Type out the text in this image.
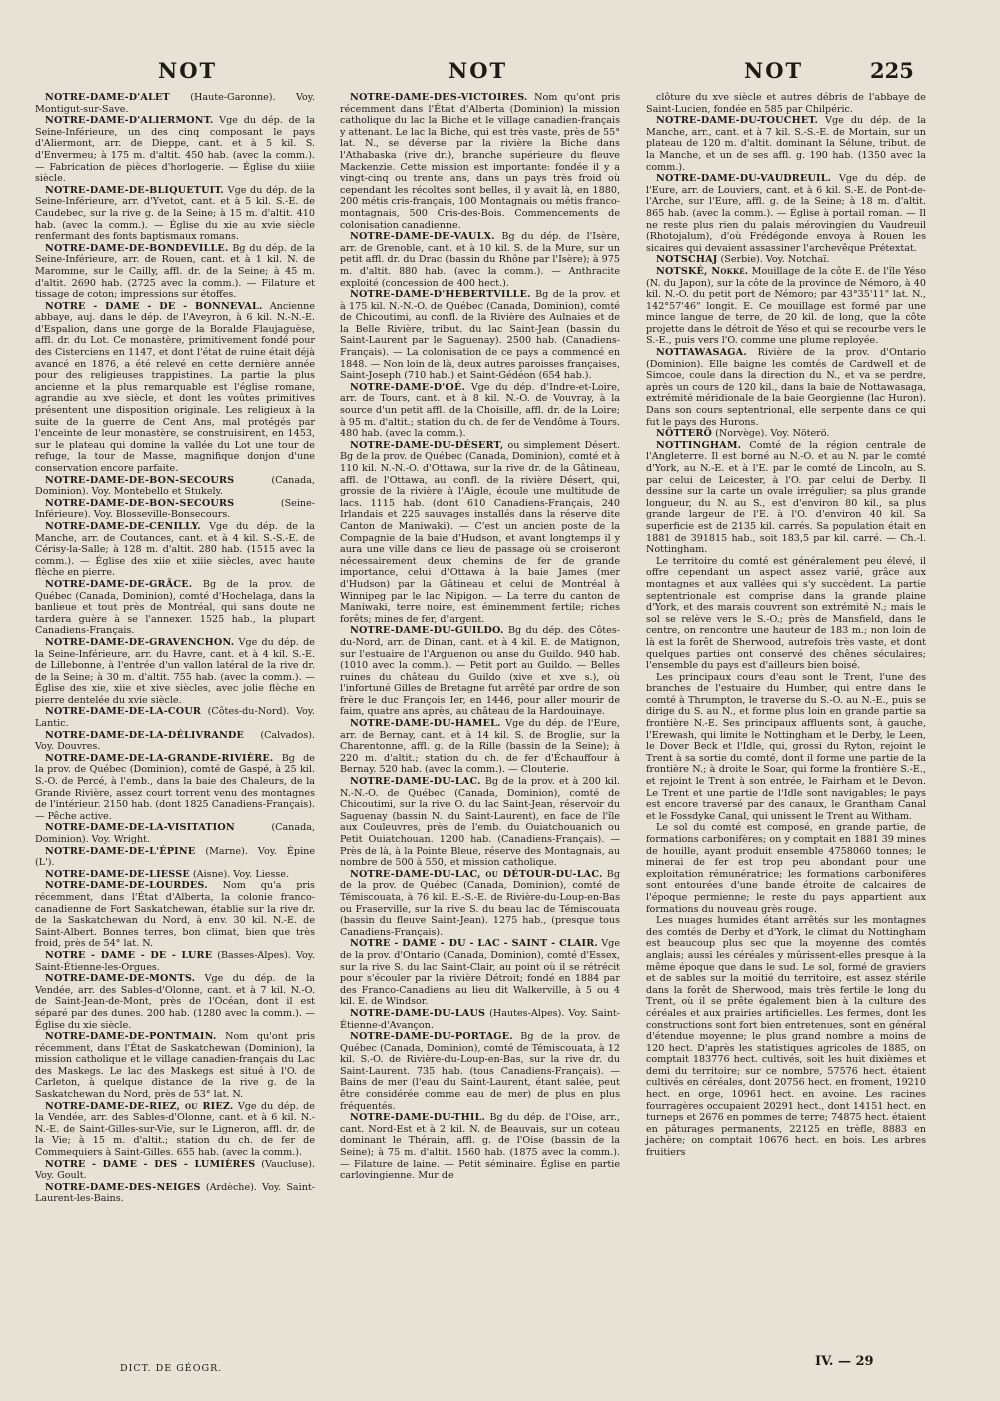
NOT	NOT	NOT	225

NOTRE-DAME-D'ALET (Haute-Garonne). Voy. Montigut-sur-Save.

NOTRE-DAME-D'ALIERMONT. Vge du dép. de la Seine-Inférieure, un des cinq composant le pays d'Aliermont, arr. de Dieppe, cant. et à 5 kil. S. d'Envermeu; à 175 m. d'altit. 450 hab. (avec la comm.). — Fabrication de pièces d'horlogerie. — Église du xiiie siècle.

NOTRE-DAME-DE-BLIQUETUIT. Vge du dép. de la Seine-Inférieure, arr. d'Yvetot, cant. et à 5 kil. S.-E. de Caudebec, sur la rive g. de la Seine; à 15 m. d'altit. 410 hab. (avec la comm.). — Église du xie au xvie siècle renfermant des fonts baptismaux romans.

NOTRE-DAME-DE-BONDEVILLE. Bg du dép. de la Seine-Inférieure, arr. de Rouen, cant. et à 1 kil. N. de Maromme, sur le Cailly, affl. dr. de la Seine; à 45 m. d'altit. 2690 hab. (2725 avec la comm.). — Filature et tissage de coton; impressions sur étoffes.

NOTRE - DAME - DE - BONNEVAL. Ancienne abbaye, auj. dans le dép. de l'Aveyron, à 6 kil. N.-N.-E. d'Espalion, dans une gorge de la Boralde Flaujaguèse, affl. dr. du Lot. Ce monastère, primitivement fondé pour des Cisterciens en 1147, et dont l'état de ruine était déjà avancé en 1876, a été relevé en cette dernière année pour des religieuses trappistines. La partie la plus ancienne et la plus remarquable est l'église romane, agrandie au xve siècle, et dont les voûtes primitives présentent une disposition originale. Les religieux à la suite de la guerre de Cent Ans, mal protégés par l'enceinte de leur monastère, se construisirent, en 1453, sur le plateau qui domine la vallée du Lot une tour de refuge, la tour de Masse, magnifique donjon d'une conservation encore parfaite.

NOTRE-DAME-DE-BON-SECOURS (Canada, Dominion). Voy. Montebello et Stukely.

NOTRE-DAME-DE-BON-SECOURS (Seine-Inférieure). Voy. Blosseville-Bonsecours.

NOTRE-DAME-DE-CENILLY. Vge du dép. de la Manche, arr. de Coutances, cant. et à 4 kil. S.-S.-E. de Cérisy-la-Salle; à 128 m. d'altit. 280 hab. (1515 avec la comm.). — Église des xiie et xiiie siècles, avec haute flèche en pierre.

NOTRE-DAME-DE-GRÂCE. Bg de la prov. de Québec (Canada, Dominion), comté d'Hochelaga, dans la banlieue et tout près de Montréal, qui sans doute ne tardera guère à se l'annexer. 1525 hab., la plupart Canadiens-Français.

NOTRE-DAME-DE-GRAVENCHON. Vge du dép. de la Seine-Inférieure, arr. du Havre, cant. et à 4 kil. S.-E. de Lillebonne, à l'entrée d'un vallon latéral de la rive dr. de la Seine; à 30 m. d'altit. 755 hab. (avec la comm.). — Église des xie, xiie et xive siècles, avec jolie flèche en pierre dentelée du xvie siècle.

NOTRE-DAME-DE-LA-COUR (Côtes-du-Nord). Voy. Lantic.

NOTRE-DAME-DE-LA-DÉLIVRANDE (Calvados). Voy. Douvres.

NOTRE-DAME-DE-LA-GRANDE-RIVIÈRE. Bg de la prov. de Québec (Dominion), comté de Gaspé, à 25 kil. S.-O. de Percé, à l'emb., dans la baie des Chaleurs, de la Grande Rivière, assez court torrent venu des montagnes de l'intérieur. 2150 hab. (dont 1825 Canadiens-Français). — Pêche active.

NOTRE-DAME-DE-LA-VISITATION (Canada, Dominion). Voy. Wright.

NOTRE-DAME-DE-L'ÉPINE (Marne). Voy. Épine (L').

NOTRE-DAME-DE-LIESSE (Aisne). Voy. Liesse.

NOTRE-DAME-DE-LOURDES. Nom qu'a pris récemment, dans l'État d'Alberta, la colonie franco-canadienne de Fort Saskatchewan, établie sur la rive dr. de la Saskatchewan du Nord, à env. 30 kil. N.-E. de Saint-Albert. Bonnes terres, bon climat, bien que très froid, près de 54° lat. N.

NOTRE - DAME - DE - LURE (Basses-Alpes). Voy. Saint-Étienne-les-Orgues.

NOTRE-DAME-DE-MONTS. Vge du dép. de la Vendée, arr. des Sables-d'Olonne, cant. et à 7 kil. N.-O. de Saint-Jean-de-Mont, près de l'Océan, dont il est séparé par des dunes. 200 hab. (1280 avec la comm.). — Église du xie siècle.

NOTRE-DAME-DE-PONTMAIN. Nom qu'ont pris récemment, dans l'État de Saskatchewan (Dominion), la mission catholique et le village canadien-français du Lac des Maskegs. Le lac des Maskegs est situé à l'O. de Carleton, à quelque distance de la rive g. de la Saskatchewan du Nord, près de 53° lat. N.

NOTRE-DAME-DE-RIEZ, ou RIEZ. Vge du dép. de la Vendée, arr. des Sables-d'Olonne, cant. et à 6 kil. N.-N.-E. de Saint-Gilles-sur-Vie, sur le Ligneron, affl. dr. de la Vie; à 15 m. d'altit.; station du ch. de fer de Commequiers à Saint-Gilles. 655 hab. (avec la comm.).

NOTRE - DAME - DES - LUMIÈRES (Vaucluse). Voy. Goult.

NOTRE-DAME-DES-NEIGES (Ardèche). Voy. Saint-Laurent-les-Bains.

NOTRE-DAME-DES-VICTOIRES. Nom qu'ont pris récemment dans l'État d'Alberta (Dominion) la mission catholique du lac la Biche et le village canadien-français y attenant. Le lac la Biche, qui est très vaste, près de 55° lat. N., se déverse par la rivière la Biche dans l'Athabaska (rive dr.), branche supérieure du fleuve Mackenzie. Cette mission est importante: fondée il y a vingt-cinq ou trente ans, dans un pays très froid où cependant les récoltes sont belles, il y avait là, en 1880, 200 métis cris-français, 100 Montagnais ou métis franco-montagnais, 500 Cris-des-Bois. Commencements de colonisation canadienne.

NOTRE-DAME-DE-VAULX. Bg du dép. de l'Isère, arr. de Grenoble, cant. et à 10 kil. S. de la Mure, sur un petit affl. dr. du Drac (bassin du Rhône par l'Isère); à 975 m. d'altit. 880 hab. (avec la comm.). — Anthracite exploité (concession de 400 hect.).

NOTRE-DAME-D'HEBERTVILLE. Bg de la prov. et à 175 kil. N.-N.-O. de Québec (Canada, Dominion), comté de Chicoutimi, au confl. de la Rivière des Aulnaies et de la Belle Rivière, tribut. du lac Saint-Jean (bassin du Saint-Laurent par le Saguenay). 2500 hab. (Canadiens-Français). — La colonisation de ce pays a commencé en 1848. — Non loin de là, deux autres paroisses françaises, Saint-Joseph (710 hab.) et Saint-Gédéon (654 hab.).

NOTRE-DAME-D'OÉ. Vge du dép. d'Indre-et-Loire, arr. de Tours, cant. et à 8 kil. N.-O. de Vouvray, à la source d'un petit affl. de la Choisille, affl. dr. de la Loire; à 95 m. d'altit.; station du ch. de fer de Vendôme à Tours. 480 hab. (avec la comm.).

NOTRE-DAME-DU-DÉSERT, ou simplement Désert. Bg de la prov. de Québec (Canada, Dominion), comté et à 110 kil. N.-N.-O. d'Ottawa, sur la rive dr. de la Gâtineau, affl. de l'Ottawa, au confl. de la rivière Désert, qui, grossie de la rivière à l'Aigle, écoule une multitude de lacs. 1115 hab. (dont 610 Canadiens-Français, 240 Irlandais et 225 sauvages installés dans la réserve dite Canton de Maniwaki). — C'est un ancien poste de la Compagnie de la baie d'Hudson, et avant longtemps il y aura une ville dans ce lieu de passage où se croiseront nécessairement deux chemins de fer de grande importance, celui d'Ottawa à la baie James (mer d'Hudson) par la Gâtineau et celui de Montréal à Winnipeg par le lac Nipigon. — La terre du canton de Maniwaki, terre noire, est éminemment fertile; riches forêts; mines de fer, d'argent.

NOTRE-DAME-DU-GUILDO. Bg du dép. des Côtes-du-Nord, arr. de Dinan, cant. et à 4 kil. E. de Matignon, sur l'estuaire de l'Arguenon ou anse du Guildo. 940 hab. (1010 avec la comm.). — Petit port au Guildo. — Belles ruines du château du Guildo (xive et xve s.), où l'infortuné Gilles de Bretagne fut arrêté par ordre de son frère le duc François Ier, en 1446, pour aller mourir de faim, quatre ans après, au château de la Hardouinaye.

NOTRE-DAME-DU-HAMEL. Vge du dép. de l'Eure, arr. de Bernay, cant. et à 14 kil. S. de Broglie, sur la Charentonne, affl. g. de la Rille (bassin de la Seine); à 220 m. d'altit.; station du ch. de fer d'Échauffour à Bernay. 520 hab. (avec la comm.). — Clouterie.

NOTRE-DAME-DU-LAC. Bg de la prov. et à 200 kil. N.-N.-O. de Québec (Canada, Dominion), comté de Chicoutimi, sur la rive O. du lac Saint-Jean, réservoir du Saguenay (bassin N. du Saint-Laurent), en face de l'île aux Couleuvres, près de l'emb. du Ouiatchouanich ou Petit Ouiatchouan. 1200 hab. (Canadiens-Français). — Près de là, à la Pointe Bleue, réserve des Montagnais, au nombre de 500 à 550, et mission catholique.

NOTRE-DAME-DU-LAC, ou DÉTOUR-DU-LAC. Bg de la prov. de Québec (Canada, Dominion), comté de Témiscouata, à 76 kil. E.-S.-E. de Rivière-du-Loup-en-Bas ou Fraserville, sur la rive S. du beau lac de Témiscouata (bassin du fleuve Saint-Jean). 1275 hab., (presque tous Canadiens-Français).

NOTRE - DAME - DU - LAC - SAINT - CLAIR. Vge de la prov. d'Ontario (Canada, Dominion), comté d'Essex, sur la rive S. du lac Saint-Clair, au point où il se rétrécit pour s'écouler par la rivière Détroit; fondé en 1884 par des Franco-Canadiens au lieu dit Walkerville, à 5 ou 4 kil. E. de Windsor.

NOTRE-DAME-DU-LAUS (Hautes-Alpes). Voy. Saint-Étienne-d'Avançon.

NOTRE-DAME-DU-PORTAGE. Bg de la prov. de Québec (Canada, Dominion), comté de Témiscouata, à 12 kil. S.-O. de Rivière-du-Loup-en-Bas, sur la rive dr. du Saint-Laurent. 735 hab. (tous Canadiens-Français). — Bains de mer (l'eau du Saint-Laurent, étant salée, peut être considérée comme eau de mer) de plus en plus fréquentés.

NOTRE-DAME-DU-THIL. Bg du dép. de l'Oise, arr., cant. Nord-Est et à 2 kil. N. de Beauvais, sur un coteau dominant le Thérain, affl. g. de l'Oise (bassin de la Seine); à 75 m. d'altit. 1560 hab. (1875 avec la comm.). — Filature de laine. — Petit séminaire. Église en partie carlovingienne. Mur de

clôture du xve siècle et autres débris de l'abbaye de Saint-Lucien, fondée en 585 par Chilpéric.

NOTRE-DAME-DU-TOUCHET. Vge du dép. de la Manche, arr., cant. et à 7 kil. S.-S.-E. de Mortain, sur un plateau de 120 m. d'altit. dominant la Sélune, tribut. de la Manche, et un de ses affl. g. 190 hab. (1350 avec la comm.).

NOTRE-DAME-DU-VAUDREUIL. Vge du dép. de l'Eure, arr. de Louviers, cant. et à 6 kil. S.-E. de Pont-de-l'Arche, sur l'Eure, affl. g. de la Seine; à 18 m. d'altit. 865 hab. (avec la comm.). — Église à portail roman. — Il ne reste plus rien du palais mérovingien du Vaudreuil (Rhotojalum), d'où Frédégonde envoya à Rouen les sicaires qui devaient assassiner l'archevêque Prétextat.

NOTSCHAJ (Serbie). Voy. Notchaï.

NOTSKÉ, Nokké. Mouillage de la côte E. de l'île Yéso (N. du Japon), sur la côte de la province de Némoro, à 40 kil. N.-O. du petit port de Némoro; par 43°35'11" lat. N., 142°57'46" longit. E. Ce mouillage est formé par une mince langue de terre, de 20 kil. de long, que la côte projette dans le détroit de Yéso et qui se recourbe vers le S.-E., puis vers l'O. comme une plume reployée.

NOTTAWASAGA. Rivière de la prov. d'Ontario (Dominion). Elle baigne les comtés de Cardwell et de Simcoe, coule dans la direction du N., et va se perdre, après un cours de 120 kil., dans la baie de Nottawasaga, extrémité méridionale de la baie Georgienne (lac Huron). Dans son cours septentrional, elle serpente dans ce qui fut le pays des Hurons.

NÖTTERÖ (Norvège). Voy. Nöterö.

NOTTINGHAM. Comté de la région centrale de l'Angleterre. Il est borné au N.-O. et au N. par le comté d'York, au N.-E. et à l'E. par le comté de Lincoln, au S. par celui de Leicester, à l'O. par celui de Derby. Il dessine sur la carte un ovale irrégulier; sa plus grande longueur, du N. au S., est d'environ 80 kil., sa plus grande largeur de l'E. à l'O. d'environ 40 kil. Sa superficie est de 2135 kil. carrés. Sa population était en 1881 de 391815 hab., soit 183,5 par kil. carré. — Ch.-l. Nottingham.

Le territoire du comté est généralement peu élevé, il offre cependant un aspect assez varié, grâce aux montagnes et aux vallées qui s'y succèdent. La partie septentrionale est comprise dans la grande plaine d'York, et des marais couvrent son extrémité N.; mais le sol se relève vers le S.-O.; près de Mansfield, dans le centre, on rencontre une hauteur de 183 m.; non loin de là est la forêt de Sherwood, autrefois très vaste, et dont quelques parties ont conservé des chênes séculaires; l'ensemble du pays est d'ailleurs bien boisé.

Les principaux cours d'eau sont le Trent, l'une des branches de l'estuaire du Humber, qui entre dans le comté à Thrumpton, le traverse du S.-O. au N.-E., puis se dirige du S. au N., et forme plus loin en grande partie sa frontière N.-E. Ses principaux affluents sont, à gauche, l'Erewash, qui limite le Nottingham et le Derby, le Leen, le Dover Beck et l'Idle, qui, grossi du Ryton, rejoint le Trent à sa sortie du comté, dont il forme une partie de la frontière N.; à droite le Soar, qui forme la frontière S.-E., et rejoint le Trent à son entrée, le Fairham et le Devon. Le Trent et une partie de l'Idle sont navigables; le pays est encore traversé par des canaux, le Grantham Canal et le Fossdyke Canal, qui unissent le Trent au Witham.

Le sol du comté est composé, en grande partie, de formations carbonifères; on y comptait en 1881 39 mines de houille, ayant produit ensemble 4758060 tonnes; le minerai de fer est trop peu abondant pour une exploitation rémunératrice; les formations carbonifères sont entourées d'une bande étroite de calcaires de l'époque permienne; le reste du pays appartient aux formations du nouveau grès rouge.

Les nuages humides étant arrêtés sur les montagnes des comtés de Derby et d'York, le climat du Nottingham est beaucoup plus sec que la moyenne des comtés anglais; aussi les céréales y mûrissent-elles presque à la même époque que dans le sud. Le sol, formé de graviers et de sables sur la moitié du territoire, est assez stérile dans la forêt de Sherwood, mais très fertile le long du Trent, où il se prête également bien à la culture des céréales et aux prairies artificielles. Les fermes, dont les constructions sont fort bien entretenues, sont en général d'étendue moyenne; le plus grand nombre a moins de 120 hect. D'après les statistiques agricoles de 1885, on comptait 183776 hect. cultivés, soit les huit dixièmes et demi du territoire; sur ce nombre, 57576 hect. étaient cultivés en céréales, dont 20756 hect. en froment, 19210 hect. en orge, 10961 hect. en avoine. Les racines fourragères occupaient 20291 hect., dont 14151 hect. en turneps et 2676 en pommes de terre; 74875 hect. étaient en pâturages permanents, 22125 en trèfle, 8883 en jachère; on comptait 10676 hect. en bois. Les arbres fruitiers

DICT. DE GÉOGR.	IV. — 29
